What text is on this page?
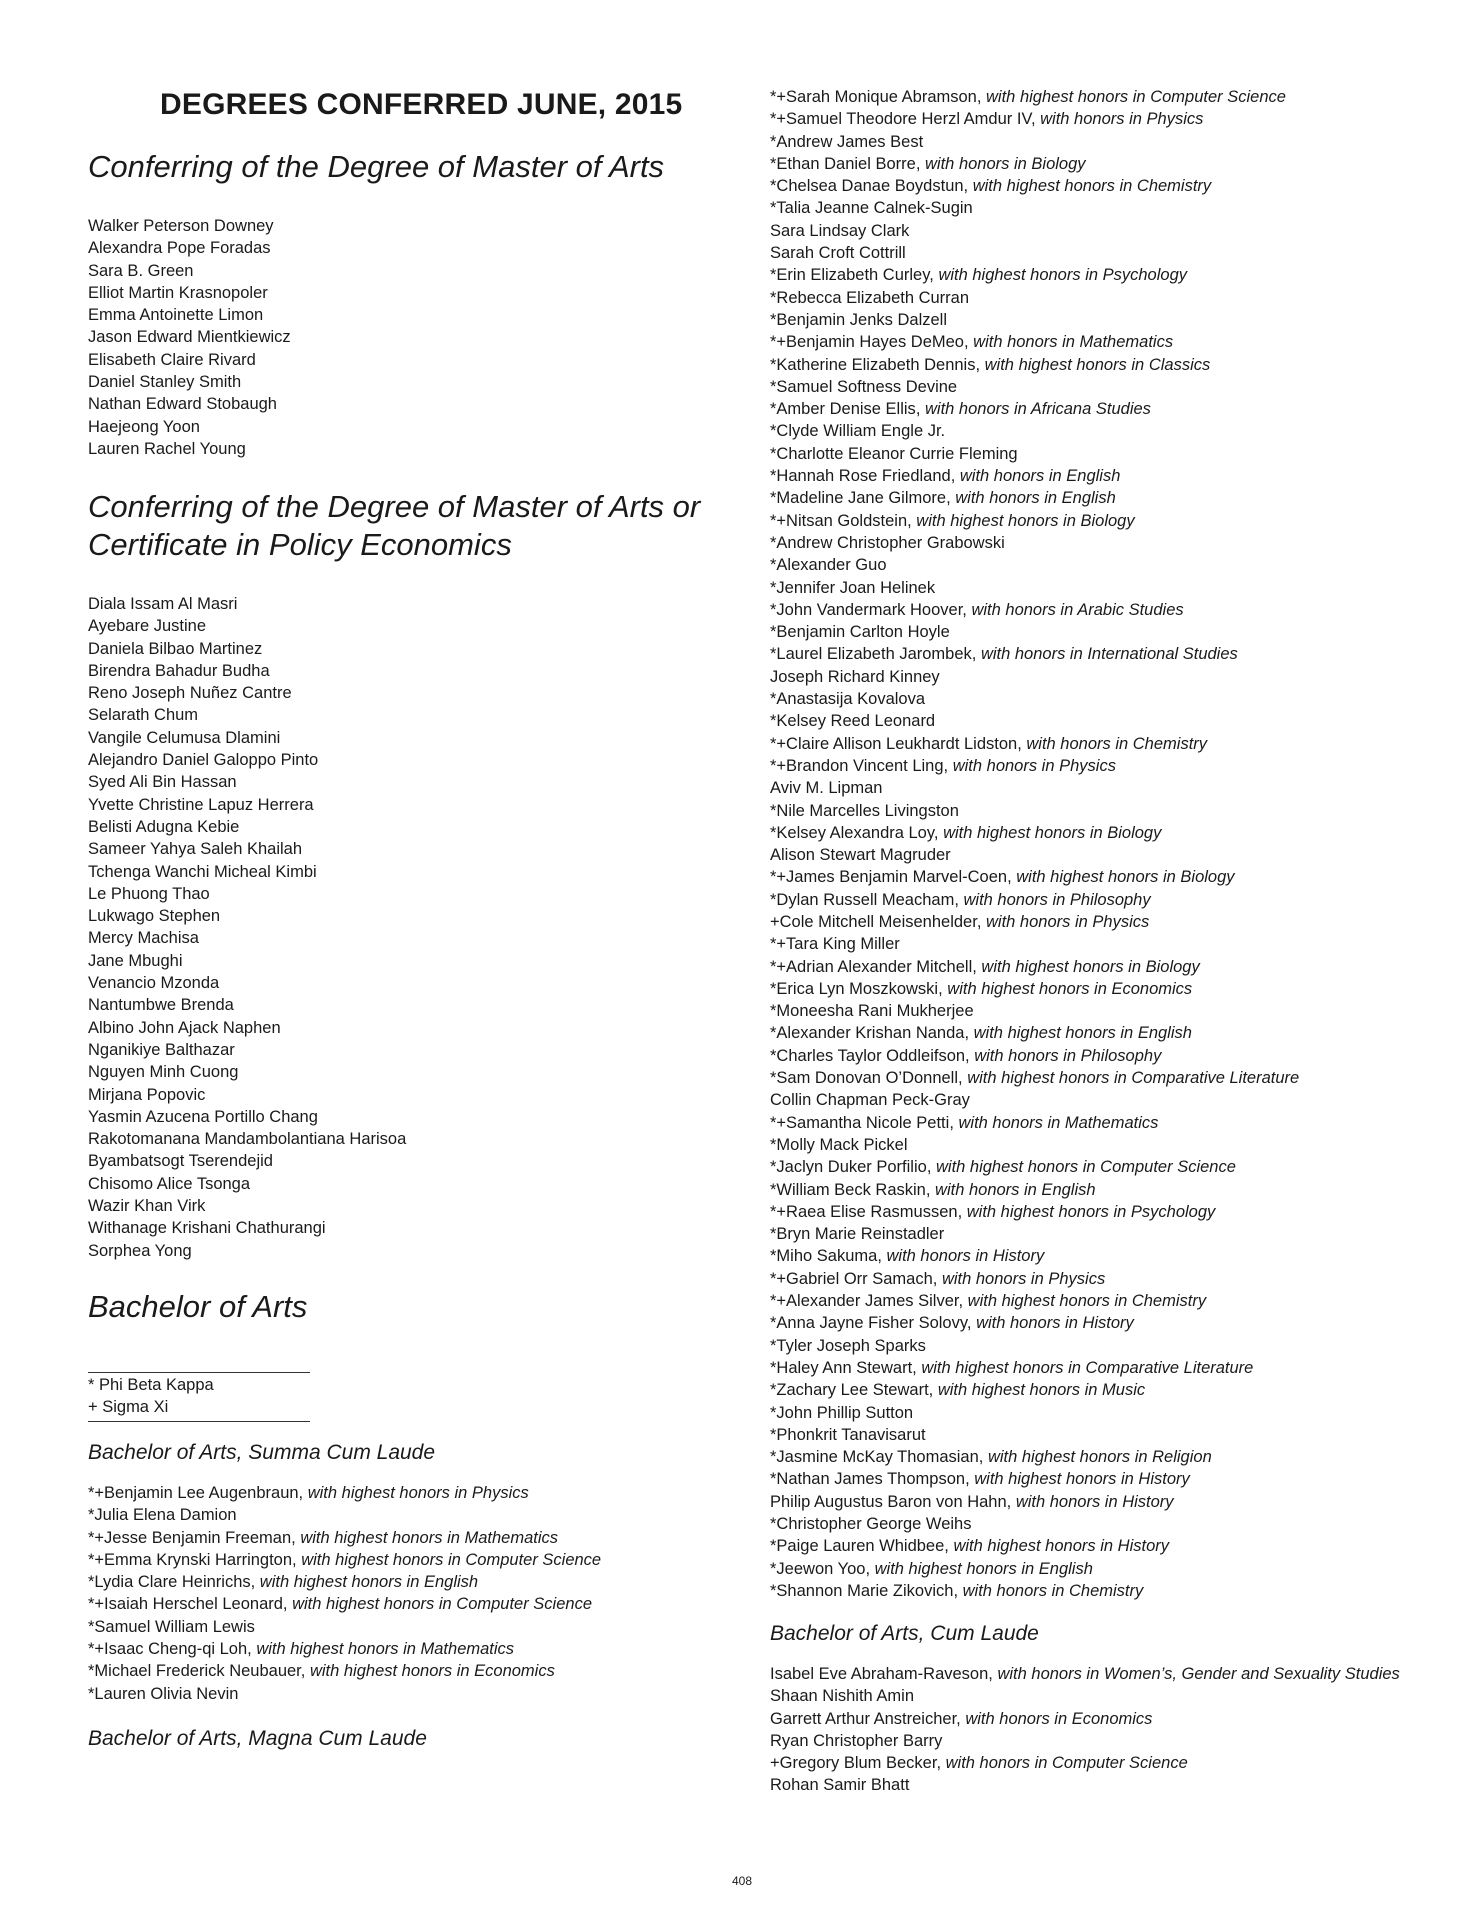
DEGREES CONFERRED JUNE, 2015
Conferring of the Degree of Master of Arts
Walker Peterson Downey
Alexandra Pope Foradas
Sara B. Green
Elliot Martin Krasnopoler
Emma Antoinette Limon
Jason Edward Mientkiewicz
Elisabeth Claire Rivard
Daniel Stanley Smith
Nathan Edward Stobaugh
Haejeong Yoon
Lauren Rachel Young
Conferring of the Degree of Master of Arts or
Certificate in Policy Economics
Diala Issam Al Masri
Ayebare Justine
Daniela Bilbao Martinez
Birendra Bahadur Budha
Reno Joseph Nuñez Cantre
Selarath Chum
Vangile Celumusa Dlamini
Alejandro Daniel Galoppo Pinto
Syed Ali Bin Hassan
Yvette Christine Lapuz Herrera
Belisti Adugna Kebie
Sameer Yahya Saleh Khailah
Tchenga Wanchi Micheal Kimbi
Le Phuong Thao
Lukwago Stephen
Mercy Machisa
Jane Mbughi
Venancio Mzonda
Nantumbwe Brenda
Albino John Ajack Naphen
Nganikiye Balthazar
Nguyen Minh Cuong
Mirjana Popovic
Yasmin Azucena Portillo Chang
Rakotomanana Mandambolantiana Harisoa
Byambatsogt Tserendejid
Chisomo Alice Tsonga
Wazir Khan Virk
Withanage Krishani Chathurangi
Sorphea Yong
Bachelor of Arts
* Phi Beta Kappa
+ Sigma Xi
Bachelor of Arts, Summa Cum Laude
*+Benjamin Lee Augenbraun, with highest honors in Physics
*Julia Elena Damion
*+Jesse Benjamin Freeman, with highest honors in Mathematics
*+Emma Krynski Harrington, with highest honors in Computer Science
*Lydia Clare Heinrichs, with highest honors in English
*+Isaiah Herschel Leonard, with highest honors in Computer Science
*Samuel William Lewis
*+Isaac Cheng-qi Loh, with highest honors in Mathematics
*Michael Frederick Neubauer, with highest honors in Economics
*Lauren Olivia Nevin
Bachelor of Arts, Magna Cum Laude
*+Sarah Monique Abramson, with highest honors in Computer Science
*+Samuel Theodore Herzl Amdur IV, with honors in Physics
*Andrew James Best
*Ethan Daniel Borre, with honors in Biology
*Chelsea Danae Boydstun, with highest honors in Chemistry
*Talia Jeanne Calnek-Sugin
Sara Lindsay Clark
Sarah Croft Cottrill
*Erin Elizabeth Curley, with highest honors in Psychology
*Rebecca Elizabeth Curran
*Benjamin Jenks Dalzell
*+Benjamin Hayes DeMeo, with honors in Mathematics
*Katherine Elizabeth Dennis, with highest honors in Classics
*Samuel Softness Devine
*Amber Denise Ellis, with honors in Africana Studies
*Clyde William Engle Jr.
*Charlotte Eleanor Currie Fleming
*Hannah Rose Friedland, with honors in English
*Madeline Jane Gilmore, with honors in English
*+Nitsan Goldstein, with highest honors in Biology
*Andrew Christopher Grabowski
*Alexander Guo
*Jennifer Joan Helinek
*John Vandermark Hoover, with honors in Arabic Studies
*Benjamin Carlton Hoyle
*Laurel Elizabeth Jarombek, with honors in International Studies
Joseph Richard Kinney
*Anastasija Kovalova
*Kelsey Reed Leonard
*+Claire Allison Leukhardt Lidston, with honors in Chemistry
*+Brandon Vincent Ling, with honors in Physics
Aviv M. Lipman
*Nile Marcelles Livingston
*Kelsey Alexandra Loy, with highest honors in Biology
Alison Stewart Magruder
*+James Benjamin Marvel-Coen, with highest honors in Biology
*Dylan Russell Meacham, with honors in Philosophy
+Cole Mitchell Meisenhelder, with honors in Physics
*+Tara King Miller
*+Adrian Alexander Mitchell, with highest honors in Biology
*Erica Lyn Moszkowski, with highest honors in Economics
*Moneesha Rani Mukherjee
*Alexander Krishan Nanda, with highest honors in English
*Charles Taylor Oddleifson, with honors in Philosophy
*Sam Donovan O’Donnell, with highest honors in Comparative Literature
Collin Chapman Peck-Gray
*+Samantha Nicole Petti, with honors in Mathematics
*Molly Mack Pickel
*Jaclyn Duker Porfilio, with highest honors in Computer Science
*William Beck Raskin, with honors in English
*+Raea Elise Rasmussen, with highest honors in Psychology
*Bryn Marie Reinstadler
*Miho Sakuma, with honors in History
*+Gabriel Orr Samach, with honors in Physics
*+Alexander James Silver, with highest honors in Chemistry
*Anna Jayne Fisher Solovy, with honors in History
*Tyler Joseph Sparks
*Haley Ann Stewart, with highest honors in Comparative Literature
*Zachary Lee Stewart, with highest honors in Music
*John Phillip Sutton
*Phonkrit Tanavisarut
*Jasmine McKay Thomasian, with highest honors in Religion
*Nathan James Thompson, with highest honors in History
Philip Augustus Baron von Hahn, with honors in History
*Christopher George Weihs
*Paige Lauren Whidbee, with highest honors in History
*Jeewon Yoo, with highest honors in English
*Shannon Marie Zikovich, with honors in Chemistry
Bachelor of Arts, Cum Laude
Isabel Eve Abraham-Raveson, with honors in Women’s, Gender and Sexuality Studies
Shaan Nishith Amin
Garrett Arthur Anstreicher, with honors in Economics
Ryan Christopher Barry
+Gregory Blum Becker, with honors in Computer Science
Rohan Samir Bhatt
408
